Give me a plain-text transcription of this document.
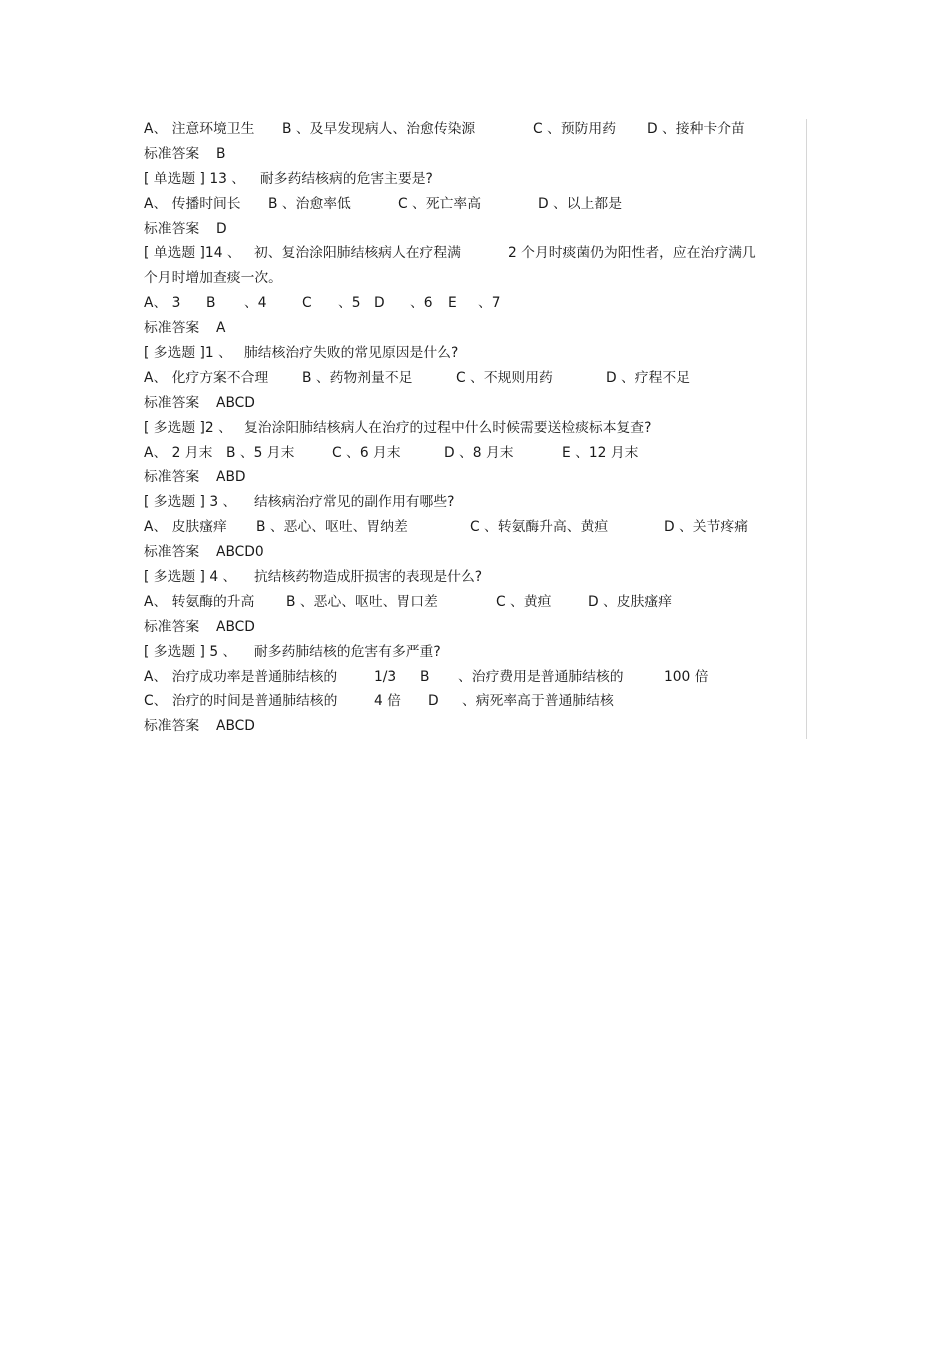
A、 注意环境卫生 B 、及早发现病人、治愈传染源	C 、预防用药 D 、接种卡介苗
标准答案 B
[ 单选题 ] 13 、 耐多药结核病的危害主要是?
A、 传播时间长 B 、治愈率低	C 、死亡率高	D 、以上都是
标准答案 D
[ 单选题 ]14 、 初、复治涂阳肺结核病人在疗程满	2 个月时痰菌仍为阳性者，应在治疗满几
个月时增加查痰一次。
A、 3 B 、4	C 、5 D 、6 E 、7
标准答案 A
[ 多选题 ]1 、 肺结核治疗失败的常见原因是什么?
A、 化疗方案不合理 B 、药物剂量不足	C 、不规则用药	D 、疗程不足
标准答案 ABCD
[ 多选题 ]2 、 复治涂阳肺结核病人在治疗的过程中什么时候需要送检痰标本复查?
A、 2 月末 B 、5 月末	C 、6 月末	D 、8 月末	E 、12 月末
标准答案 ABD
[ 多选题 ] 3 、 结核病治疗常见的副作用有哪些?
A、 皮肤瘙痒 B 、恶心、呕吐、胃纳差	C 、转氨酶升高、黄疸	D 、关节疼痛
标准答案 ABCD0
[ 多选题 ] 4 、 抗结核药物造成肝损害的表现是什么?
A、 转氨酶的升高 B 、恶心、呕吐、胃口差	C 、黄疸	D 、皮肤瘙痒
标准答案 ABCD
[ 多选题 ] 5 、 耐多药肺结核的危害有多严重?
A、 治疗成功率是普通肺结核的	1/3 B 、治疗费用是普通肺结核的	100 倍
C、 治疗的时间是普通肺结核的	4 倍 D 、病死率高于普通肺结核
标准答案 ABCD
